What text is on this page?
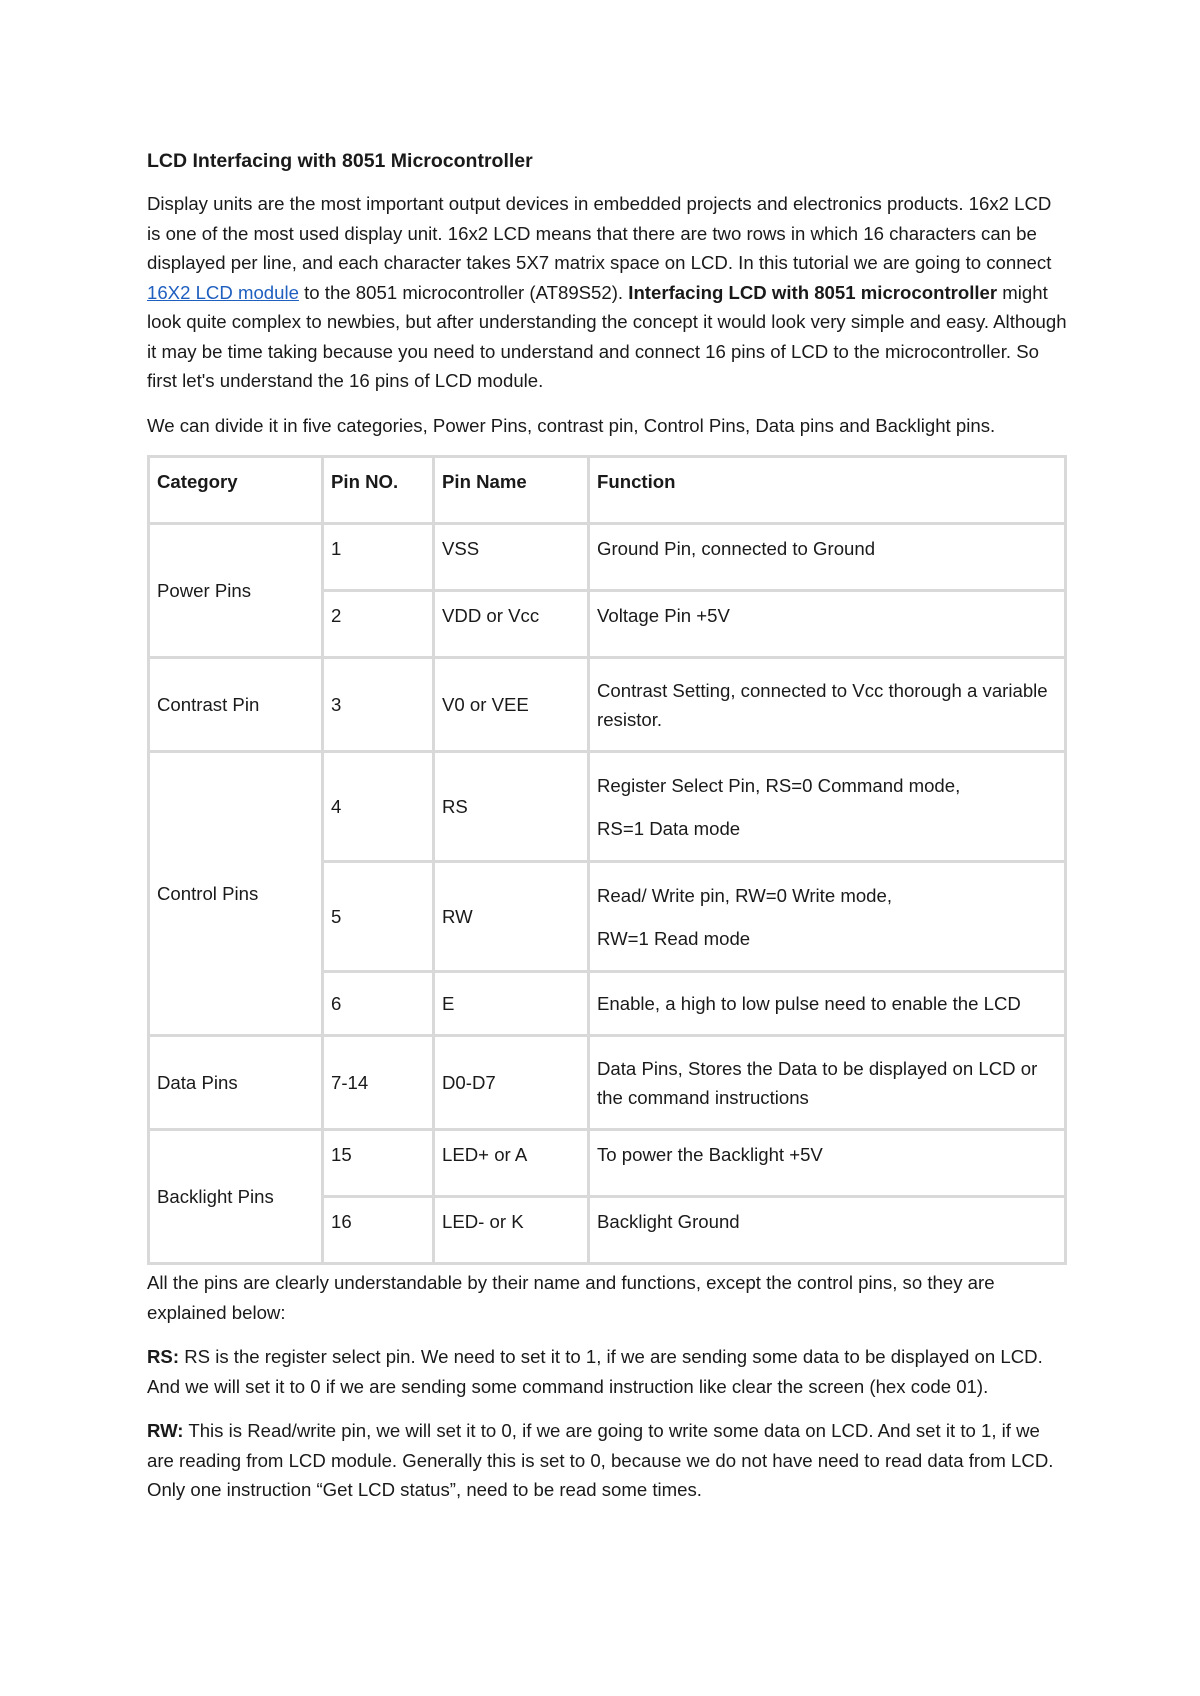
LCD Interfacing with 8051 Microcontroller

Display units are the most important output devices in embedded projects and electronics products. 16x2 LCD is one of the most used display unit. 16x2 LCD means that there are two rows in which 16 characters can be displayed per line, and each character takes 5X7 matrix space on LCD. In this tutorial we are going to connect 16X2 LCD module to the 8051 microcontroller (AT89S52). Interfacing LCD with 8051 microcontroller might look quite complex to newbies, but after understanding the concept it would look very simple and easy. Although it may be time taking because you need to understand and connect 16 pins of LCD to the microcontroller. So first let's understand the 16 pins of LCD module.

We can divide it in five categories, Power Pins, contrast pin, Control Pins, Data pins and Backlight pins.

Category	Pin NO.	Pin Name	Function
Power Pins	1	VSS	Ground Pin, connected to Ground
	2	VDD or Vcc	Voltage Pin +5V
Contrast Pin	3	V0 or VEE	Contrast Setting, connected to Vcc thorough a variable resistor.
Control Pins	4	RS	Register Select Pin, RS=0 Command mode,
RS=1 Data mode

	5	RW	Read/ Write pin, RW=0 Write mode,
RW=1 Read mode

	6	E	Enable, a high to low pulse need to enable the LCD
Data Pins	7-14	D0-D7	Data Pins, Stores the Data to be displayed on LCD or the command instructions
Backlight Pins	15	LED+ or A	To power the Backlight +5V
	16	LED- or K	Backlight Ground

All the pins are clearly understandable by their name and functions, except the control pins, so they are explained below:

RS: RS is the register select pin. We need to set it to 1, if we are sending some data to be displayed on LCD. And we will set it to 0 if we are sending some command instruction like clear the screen (hex code 01).

RW: This is Read/write pin, we will set it to 0, if we are going to write some data on LCD. And set it to 1, if we are reading from LCD module. Generally this is set to 0, because we do not have need to read data from LCD. Only one instruction “Get LCD status”, need to be read some times.
